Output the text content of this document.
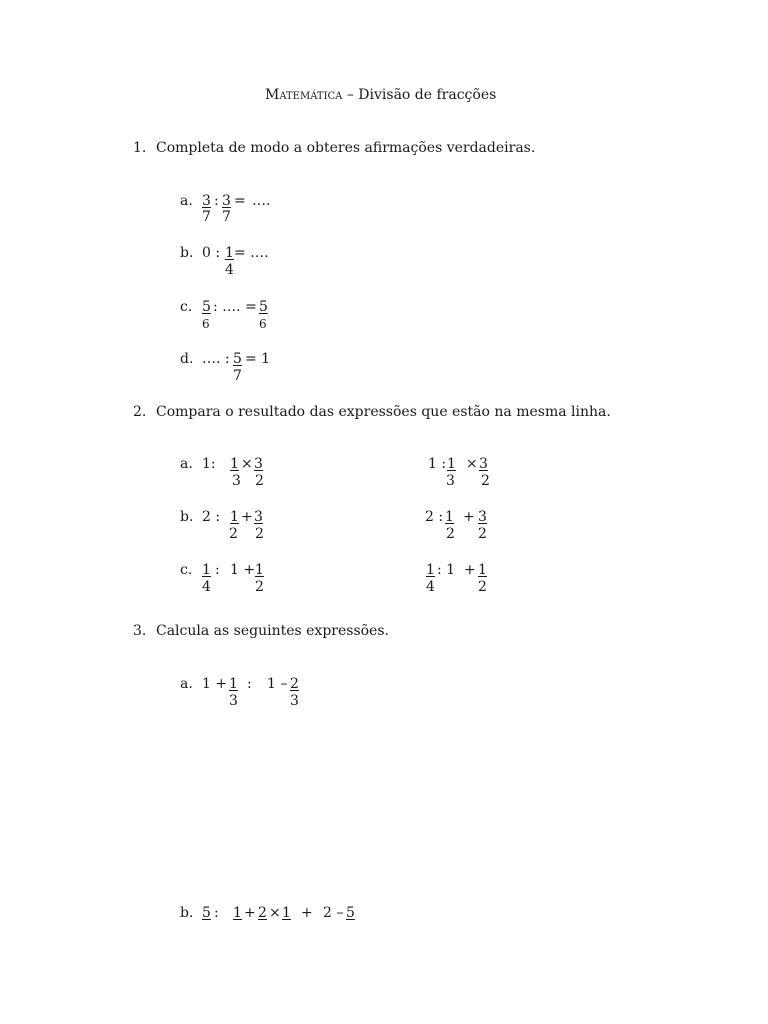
Matemática – Divisão de fracções
1. Completa de modo a obteres afirmações verdadeiras.
a. 3 : 3 = ….
7 7
b. 0 : 1 = ….
4
c. 5 : …. = 5
6	6
d. …. : 5 = 1
7
2. Compara o resultado das expressões que estão na mesma linha.
a. 1: 1 × 3
3 2
1 : 1 × 3
3 2
b. 2 : 1 + 3
2 2
2 : 1 + 3
2 2
c. 1 : 1 + 1
4	2
1 : 1 + 1
4	2
3. Calcula as seguintes expressões.
a. 1 + 1 : 1 – 2
3	3
b. 5 : 1 + 2 × 1 + 2 – 5
